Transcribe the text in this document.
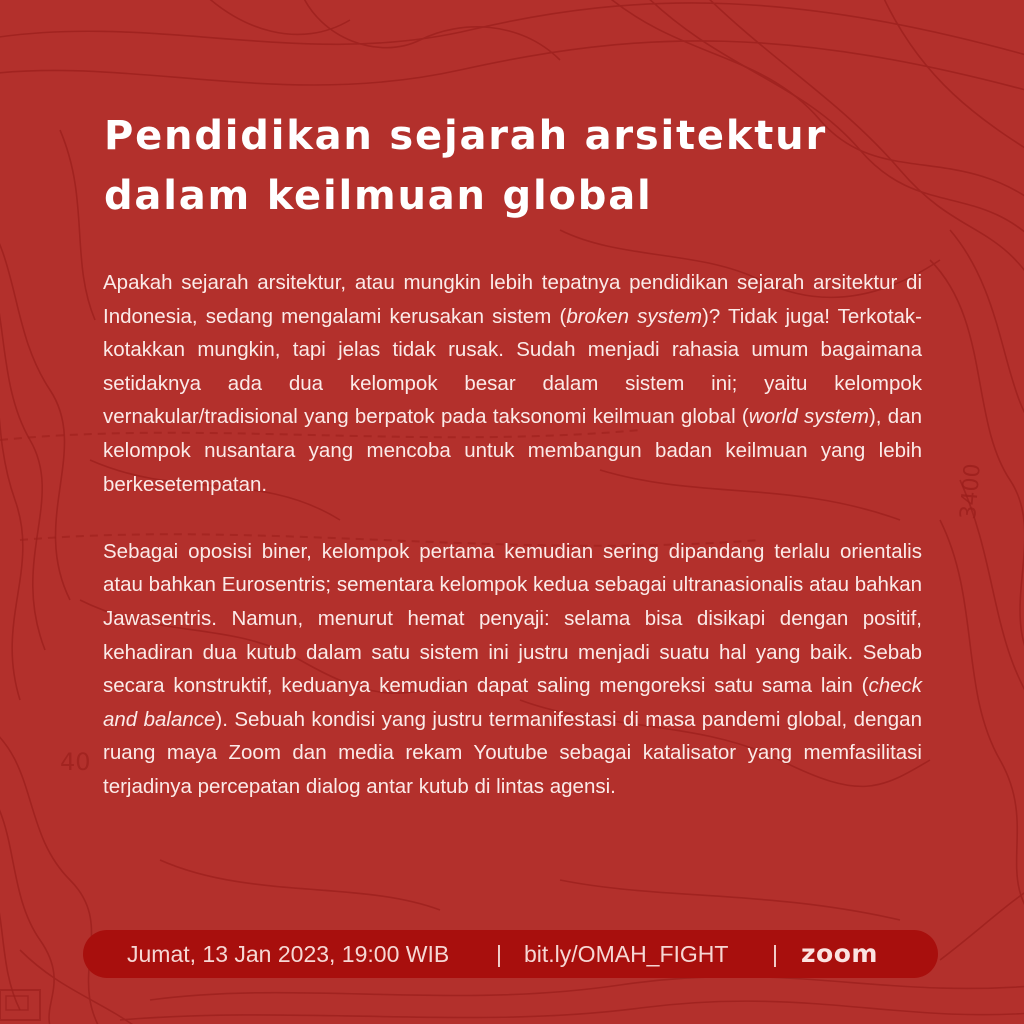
3400
40
Pendidikan sejarah arsitektur
dalam keilmuan global

Apakah sejarah arsitektur, atau mungkin lebih tepatnya pendidikan sejarah arsitektur di Indonesia, sedang mengalami kerusakan sistem (broken system)? Tidak juga! Terkotak-kotakkan mungkin, tapi jelas tidak rusak. Sudah menjadi rahasia umum bagaimana setidaknya ada dua kelompok besar dalam sistem ini; yaitu kelompok vernakular/tradisional yang berpatok pada taksonomi keilmuan global (world system), dan kelompok nusantara yang mencoba untuk membangun badan keilmuan yang lebih berkesetempatan.

Sebagai oposisi biner, kelompok pertama kemudian sering dipandang terlalu orientalis atau bahkan Eurosentris; sementara kelompok kedua sebagai ultranasionalis atau bahkan Jawasentris. Namun, menurut hemat penyaji: selama bisa disikapi dengan positif, kehadiran dua kutub dalam satu sistem ini justru menjadi suatu hal yang baik. Sebab secara konstruktif, keduanya kemudian dapat saling mengoreksi satu sama lain (check and balance). Sebuah kondisi yang justru termanifestasi di masa pandemi global, dengan ruang maya Zoom dan media rekam Youtube sebagai katalisator yang memfasilitasi terjadinya percepatan dialog antar kutub di lintas agensi.

Jumat, 13 Jan 2023, 19:00 WIB | bit.ly/OMAH_FIGHT | zoom
